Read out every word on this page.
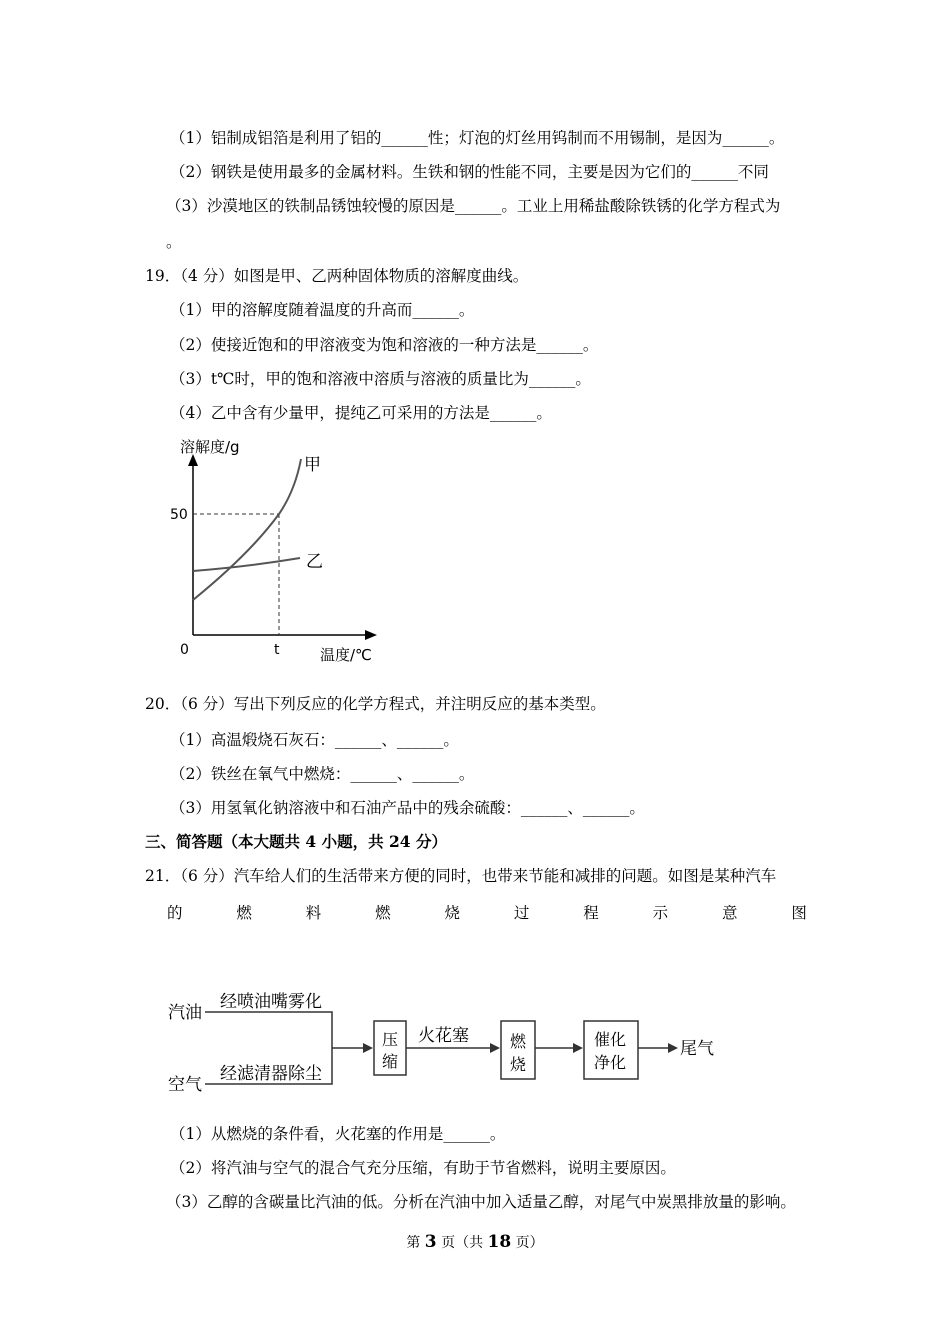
（1）铝制成铝箔是利用了铝的______性；灯泡的灯丝用钨制而不用锡制，是因为______。
（2）钢铁是使用最多的金属材料。生铁和钢的性能不同，主要是因为它们的______不同
（3）沙漠地区的铁制品锈蚀较慢的原因是______。工业上用稀盐酸除铁锈的化学方程式为
。
19．（4 分）如图是甲、乙两种固体物质的溶解度曲线。
（1）甲的溶解度随着温度的升高而______。
（2）使接近饱和的甲溶液变为饱和溶液的一种方法是______。
（3）t℃时，甲的饱和溶液中溶质与溶液的质量比为______。
（4）乙中含有少量甲，提纯乙可采用的方法是______。
溶解度/g
温度/℃
0	t
50
甲
乙
20．（6 分）写出下列反应的化学方程式，并注明反应的基本类型。
（1）高温煅烧石灰石：______、______。
（2）铁丝在氧气中燃烧：______、______。
（3）用氢氧化钠溶液中和石油产品中的残余硫酸：______、______。
三、简答题（本大题共 4 小题，共 24 分）
21．（6 分）汽车给人们的生活带来方便的同时，也带来节能和减排的问题。如图是某种汽车
的	燃	料	燃	烧	过	程	示	意	图
汽油
经喷油嘴雾化
空气
经滤清器除尘
压
缩
火花塞	燃
烧
催化
净化
尾气
（1）从燃烧的条件看，火花塞的作用是______。
（2）将汽油与空气的混合气充分压缩，有助于节省燃料，说明主要原因。
（3）乙醇的含碳量比汽油的低。分析在汽油中加入适量乙醇，对尾气中炭黑排放量的影响。
第 3 页（共 18 页）
